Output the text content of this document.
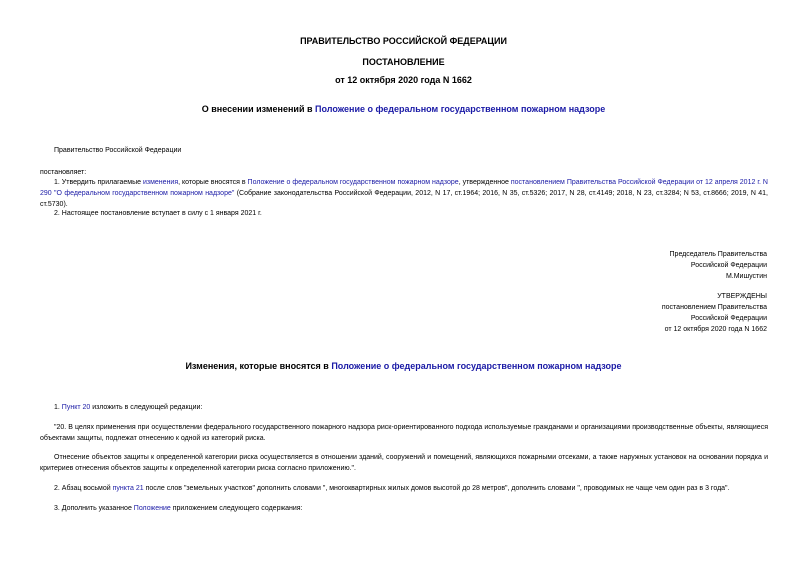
ПРАВИТЕЛЬСТВО РОССИЙСКОЙ ФЕДЕРАЦИИ
ПОСТАНОВЛЕНИЕ
от 12 октября 2020 года N 1662
О внесении изменений в Положение о федеральном государственном пожарном надзоре
Правительство Российской Федерации
постановляет:
1. Утвердить прилагаемые изменения, которые вносятся в Положение о федеральном государственном пожарном надзоре, утвержденное постановлением Правительства Российской Федерации от 12 апреля 2012 г. N 290 "О федеральном государственном пожарном надзоре" (Собрание законодательства Российской Федерации, 2012, N 17, ст.1964; 2016, N 35, ст.5326; 2017, N 28, ст.4149; 2018, N 23, ст.3284; N 53, ст.8666; 2019, N 41, ст.5730).
2. Настоящее постановление вступает в силу с 1 января 2021 г.
Председатель Правительства
Российской Федерации
М.Мишустин
УТВЕРЖДЕНЫ
постановлением Правительства
Российской Федерации
от 12 октября 2020 года N 1662
Изменения, которые вносятся в Положение о федеральном государственном пожарном надзоре
1. Пункт 20 изложить в следующей редакции:
"20. В целях применения при осуществлении федерального государственного пожарного надзора риск-ориентированного подхода используемые гражданами и организациями производственные объекты, являющиеся объектами защиты, подлежат отнесению к одной из категорий риска.
Отнесение объектов защиты к определенной категории риска осуществляется в отношении зданий, сооружений и помещений, являющихся пожарными отсеками, а также наружных установок на основании порядка и критериев отнесения объектов защиты к определенной категории риска согласно приложению.".
2. Абзац восьмой пункта 21 после слов "земельных участков" дополнить словами ", многоквартирных жилых домов высотой до 28 метров", дополнить словами ", проводимых не чаще чем один раз в 3 года".
3. Дополнить указанное Положение приложением следующего содержания:
